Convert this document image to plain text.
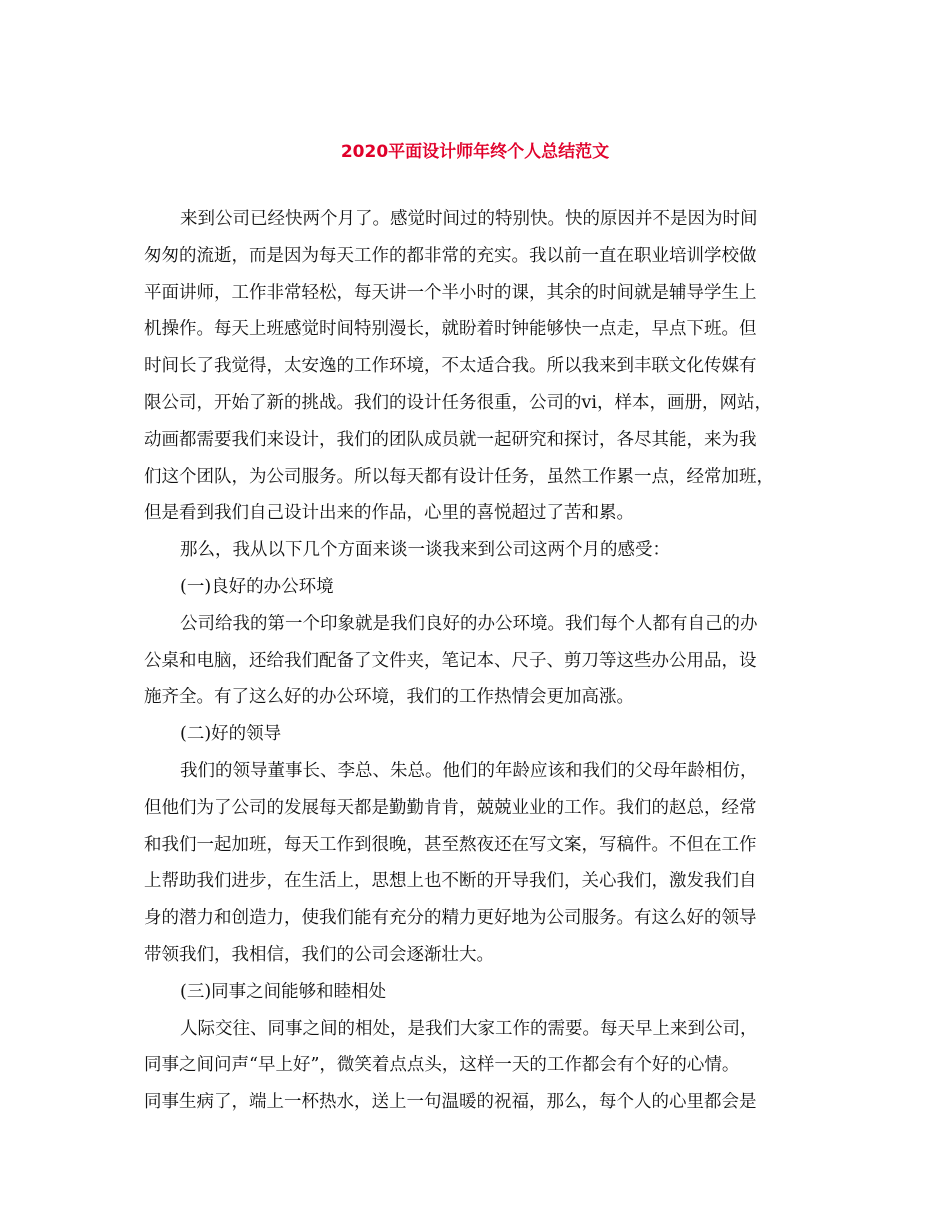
2020平面设计师年终个人总结范文
来到公司已经快两个月了。感觉时间过的特别快。快的原因并不是因为时间
匆匆的流逝，而是因为每天工作的都非常的充实。我以前一直在职业培训学校做
平面讲师，工作非常轻松，每天讲一个半小时的课，其余的时间就是辅导学生上
机操作。每天上班感觉时间特别漫长，就盼着时钟能够快一点走，早点下班。但
时间长了我觉得，太安逸的工作环境，不太适合我。所以我来到丰联文化传媒有
限公司，开始了新的挑战。我们的设计任务很重，公司的vi，样本，画册，网站，
动画都需要我们来设计，我们的团队成员就一起研究和探讨，各尽其能，来为我
们这个团队，为公司服务。所以每天都有设计任务，虽然工作累一点，经常加班，
但是看到我们自己设计出来的作品，心里的喜悦超过了苦和累。
那么，我从以下几个方面来谈一谈我来到公司这两个月的感受：
(一)良好的办公环境
公司给我的第一个印象就是我们良好的办公环境。我们每个人都有自己的办
公桌和电脑，还给我们配备了文件夹，笔记本、尺子、剪刀等这些办公用品，设
施齐全。有了这么好的办公环境，我们的工作热情会更加高涨。
(二)好的领导
我们的领导董事长、李总、朱总。他们的年龄应该和我们的父母年龄相仿，
但他们为了公司的发展每天都是勤勤肯肯，兢兢业业的工作。我们的赵总，经常
和我们一起加班，每天工作到很晚，甚至熬夜还在写文案，写稿件。不但在工作
上帮助我们进步，在生活上，思想上也不断的开导我们，关心我们，激发我们自
身的潜力和创造力，使我们能有充分的精力更好地为公司服务。有这么好的领导
带领我们，我相信，我们的公司会逐渐壮大。
(三)同事之间能够和睦相处
人际交往、同事之间的相处，是我们大家工作的需要。每天早上来到公司，
同事之间问声“早上好”，微笑着点点头，这样一天的工作都会有个好的心情。
同事生病了，端上一杯热水，送上一句温暖的祝福，那么，每个人的心里都会是
